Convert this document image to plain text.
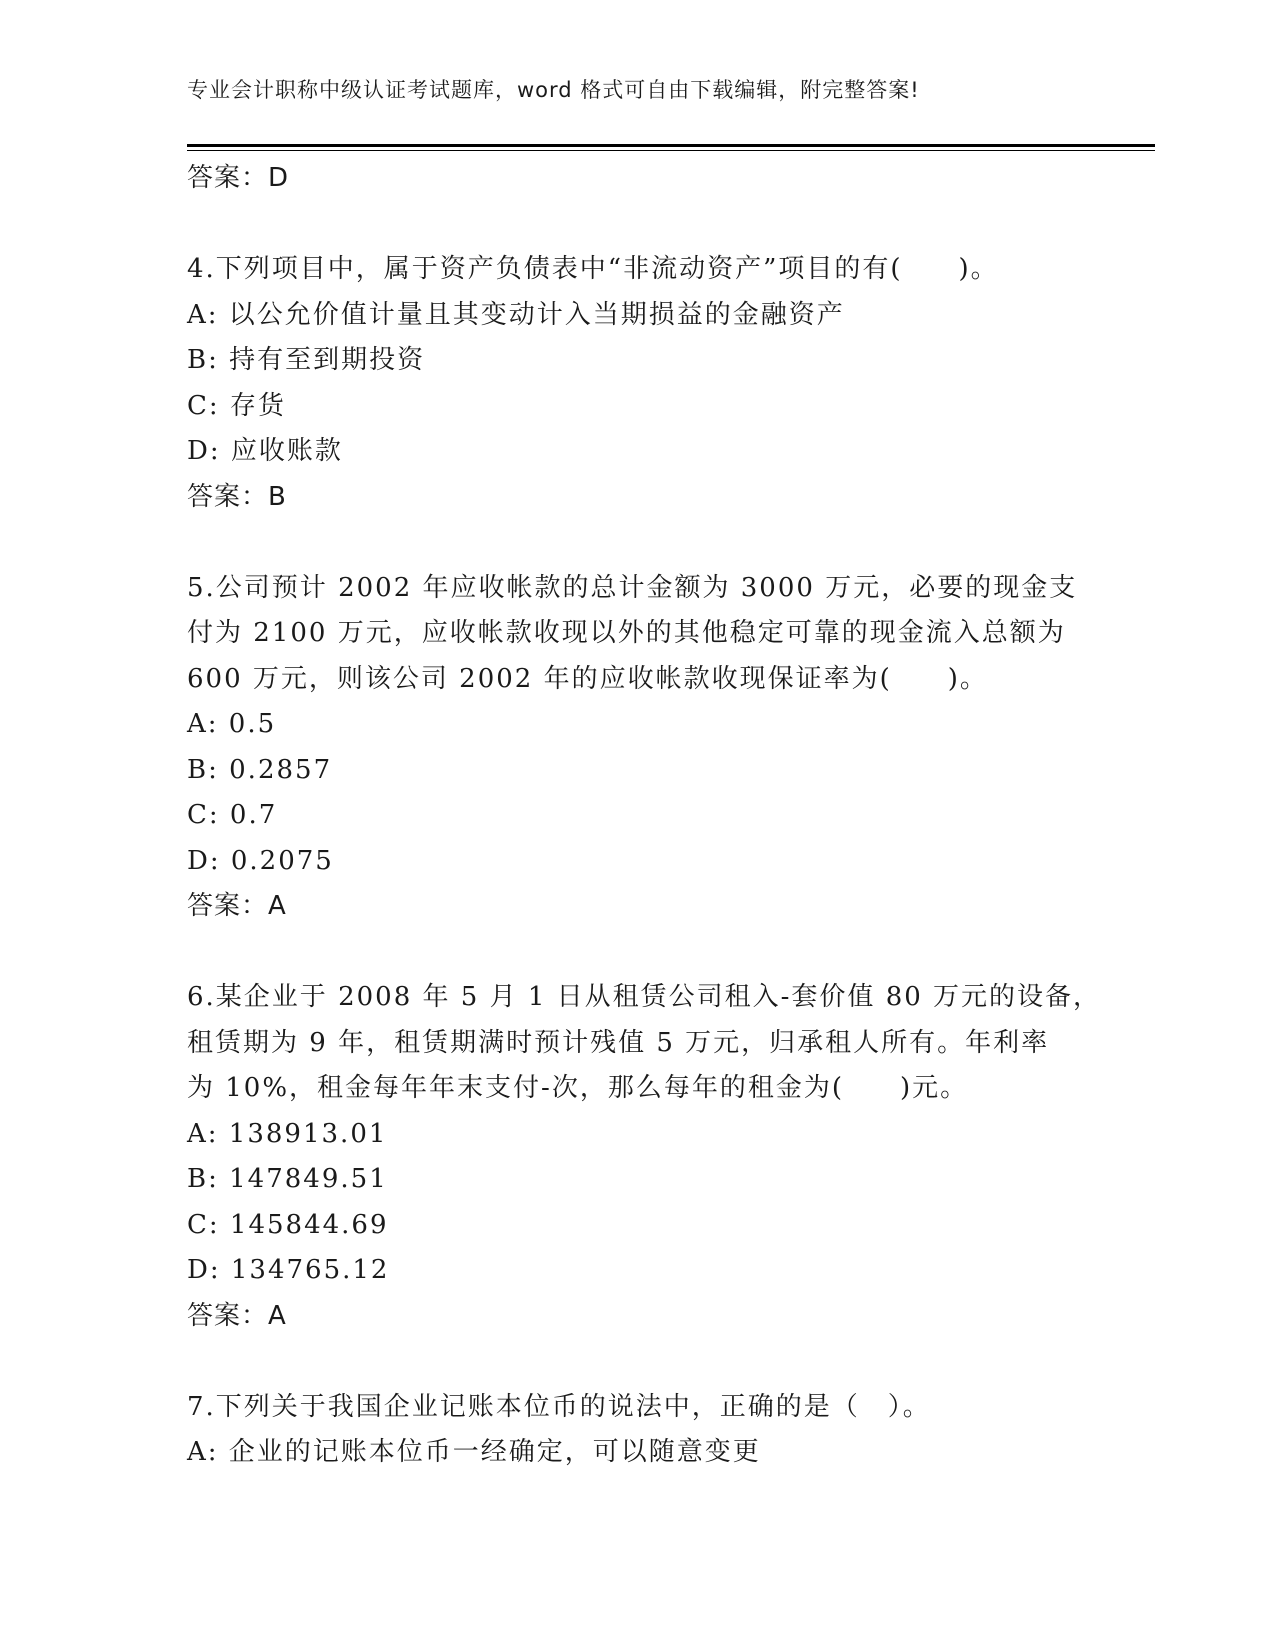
专业会计职称中级认证考试题库，word 格式可自由下载编辑，附完整答案!
答案：D
4.下列项目中，属于资产负债表中“非流动资产”项目的有(　　)。
A: 以公允价值计量且其变动计入当期损益的金融资产
B: 持有至到期投资
C: 存货
D: 应收账款
答案：B
5.公司预计 2002 年应收帐款的总计金额为 3000 万元，必要的现金支
付为 2100 万元，应收帐款收现以外的其他稳定可靠的现金流入总额为
600 万元，则该公司 2002 年的应收帐款收现保证率为(　　)。
A: 0.5
B: 0.2857
C: 0.7
D: 0.2075
答案：A
6.某企业于 2008 年 5 月 1 日从租赁公司租入-套价值 80 万元的设备，
租赁期为 9 年，租赁期满时预计残值 5 万元，归承租人所有。年利率
为 10%，租金每年年末支付-次，那么每年的租金为(　　)元。
A: 138913.01
B: 147849.51
C: 145844.69
D: 134765.12
答案：A
7.下列关于我国企业记账本位币的说法中，正确的是（　）。
A: 企业的记账本位币一经确定，可以随意变更
